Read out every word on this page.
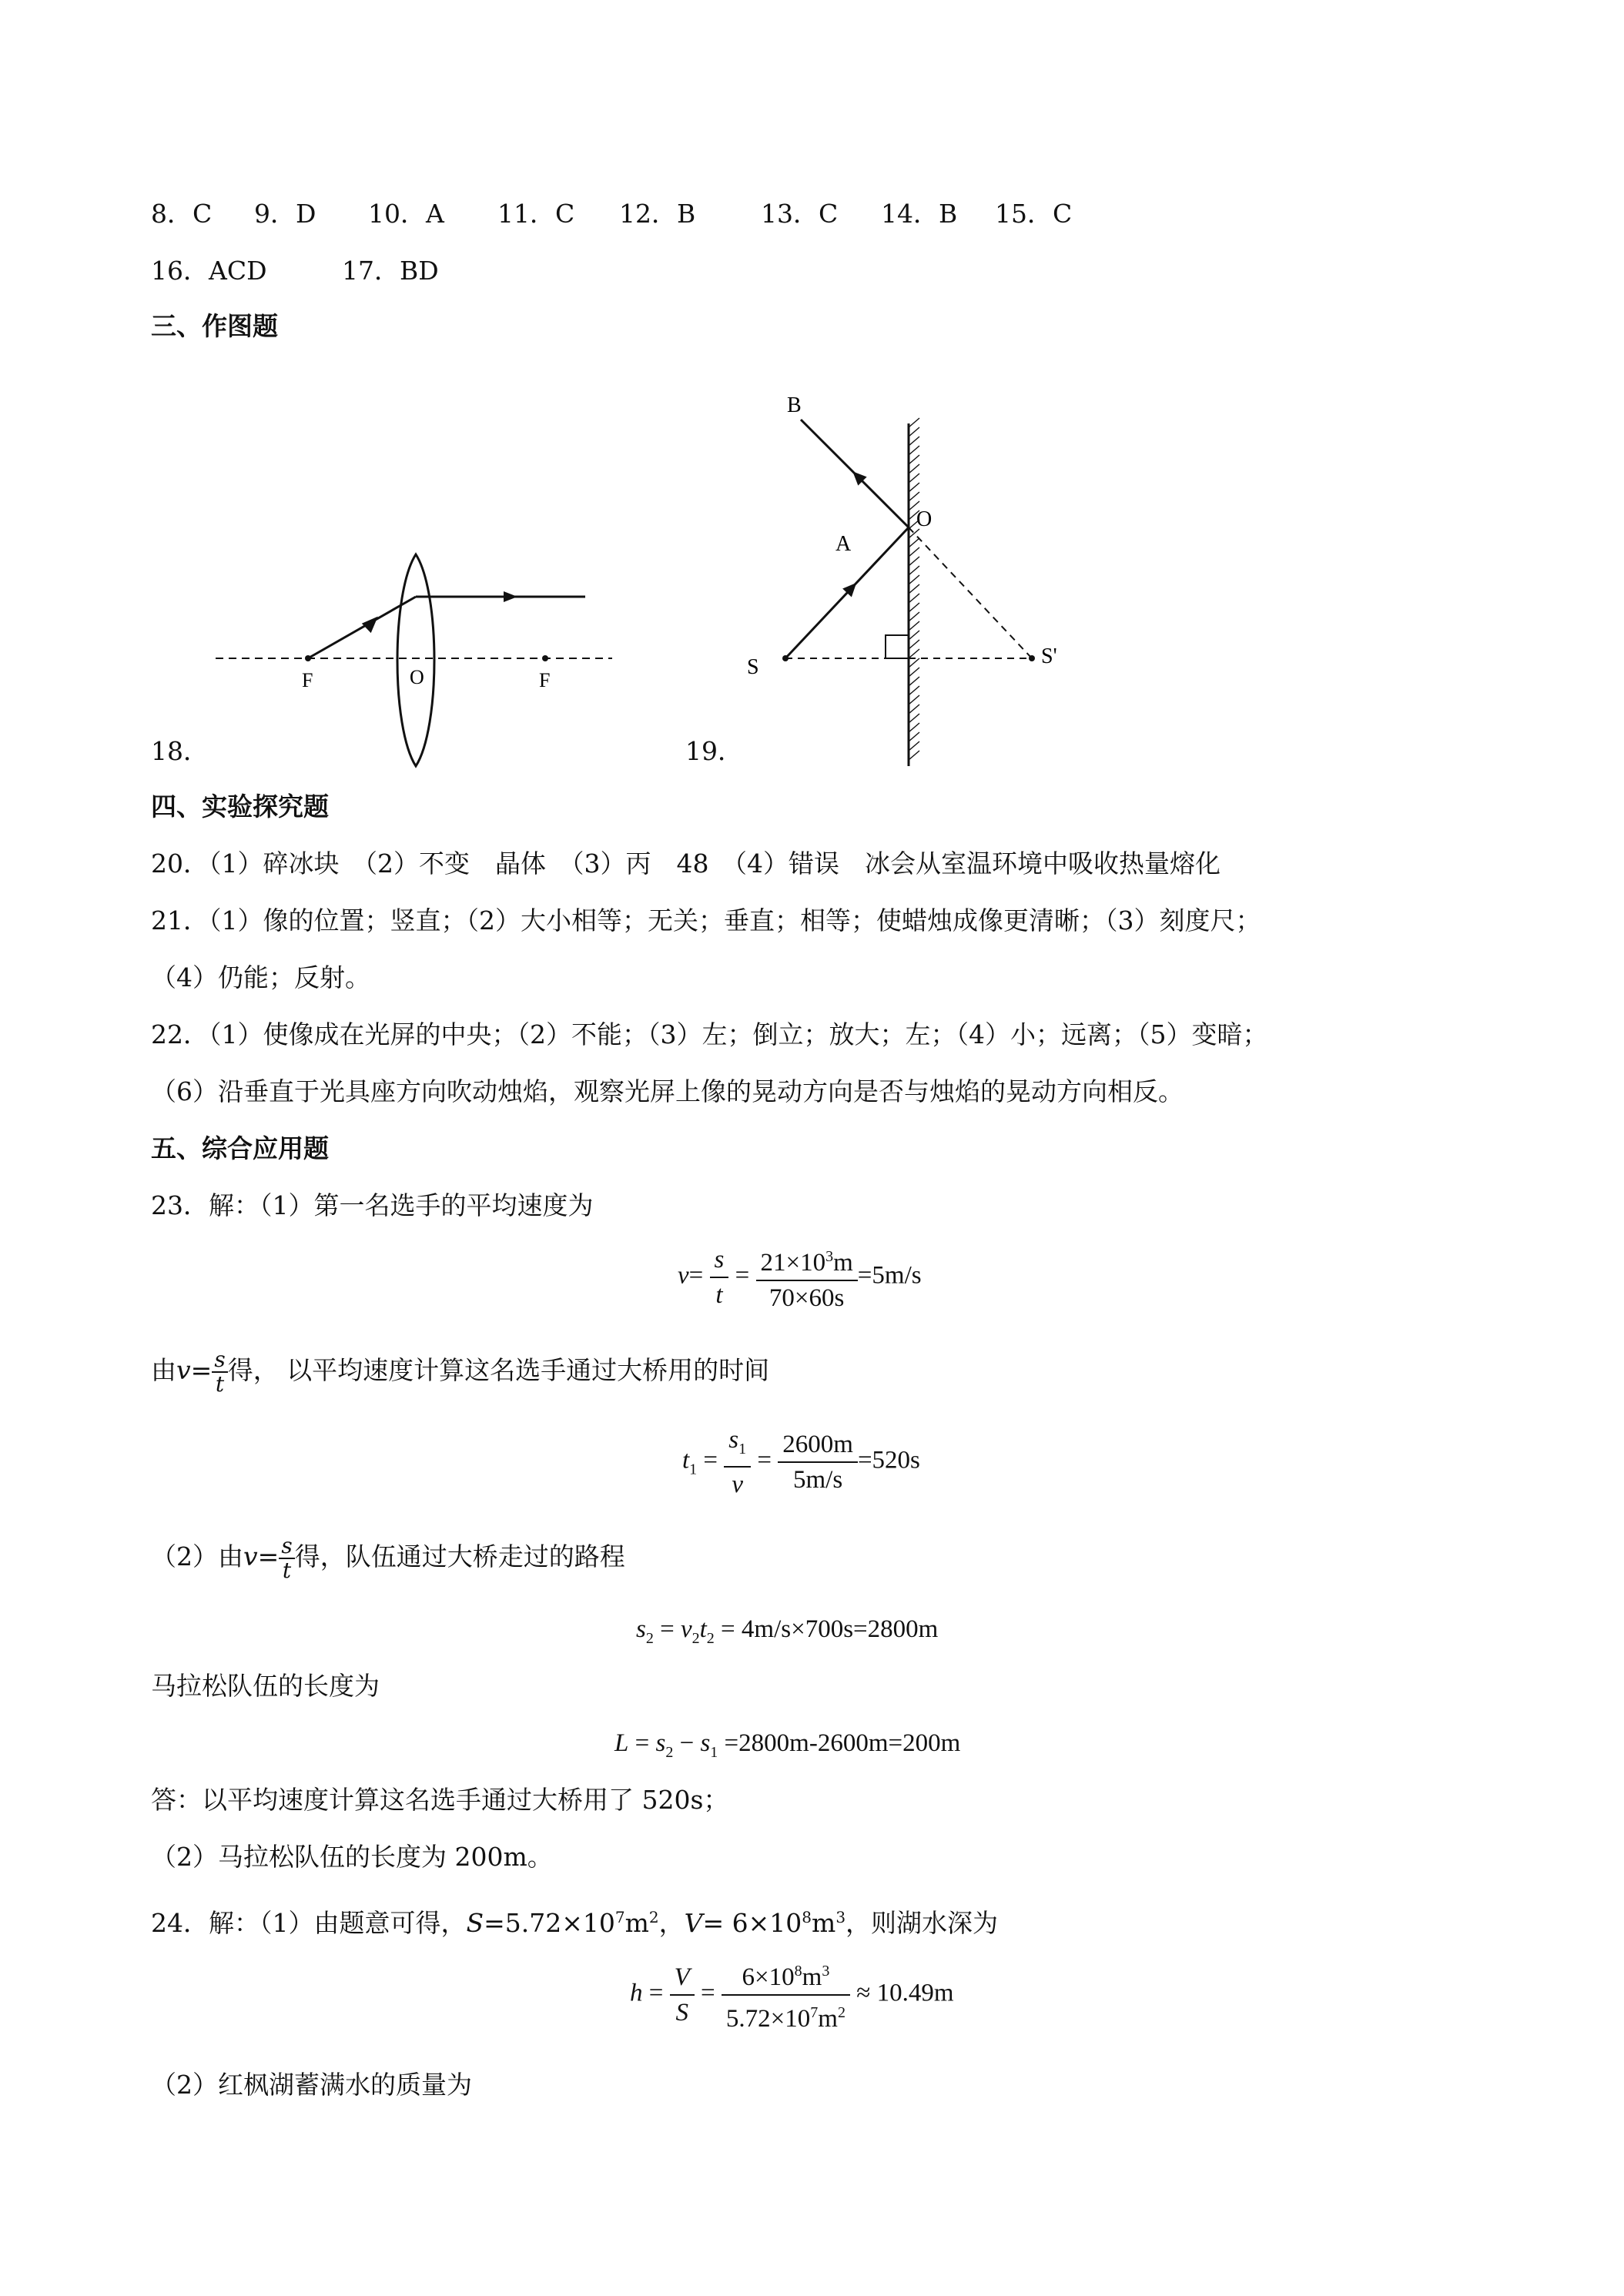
8．C 9．D 10．A 11．C 12．B	13．C 14．B 15．C
16．ACD	17．BD
三、作图题
F	O	F
18．
B
O
A
S	S'
19．
四、实验探究题
20．（1）碎冰块　（2）不变　晶体　（3）丙　48　（4）错误　冰会从室温环境中吸收热量熔化
21．（1）像的位置；竖直；（2）大小相等；无关；垂直；相等；使蜡烛成像更清晰；（3）刻度尺；
（4）仍能；反射。
22．（1）使像成在光屏的中央；（2）不能；（3）左；倒立；放大；左；（4）小；远离；（5）变暗；
（6）沿垂直于光具座方向吹动烛焰，观察光屏上像的晃动方向是否与烛焰的晃动方向相反。
五、综合应用题
23．解：（1）第一名选手的平均速度为
$v= \frac{s}{t} = \frac{21\times 10^3m}{70\times 60s} =5m/s$
由$v= \frac{s}{t}$ 得， 以平均速度计算这名选手通过大桥用的时间
$t_1 = \frac{s_1}{v} = \frac{2600m}{5m/s} =520s$
（2）由$v= \frac{s}{t}$ 得，队伍通过大桥走过的路程
$s_2 = v_2t_2 = 4m/s\times 700s=2800m$
马拉松队伍的长度为
$L = s_2 - s_1 =2800m-2600m=200m$
答：以平均速度计算这名选手通过大桥用了 520s；
（2）马拉松队伍的长度为 200m。
24．解：（1）由题意可得，$S=5.72\times 10^7m^2$，$V= 6\times 10^8m^3$，则湖水深为
$h = \frac{V}{S} = \frac{6\times 10^8m^3}{5.72\times 10^7m^2} \approx 10.49m$
（2）红枫湖蓄满水的质量为
